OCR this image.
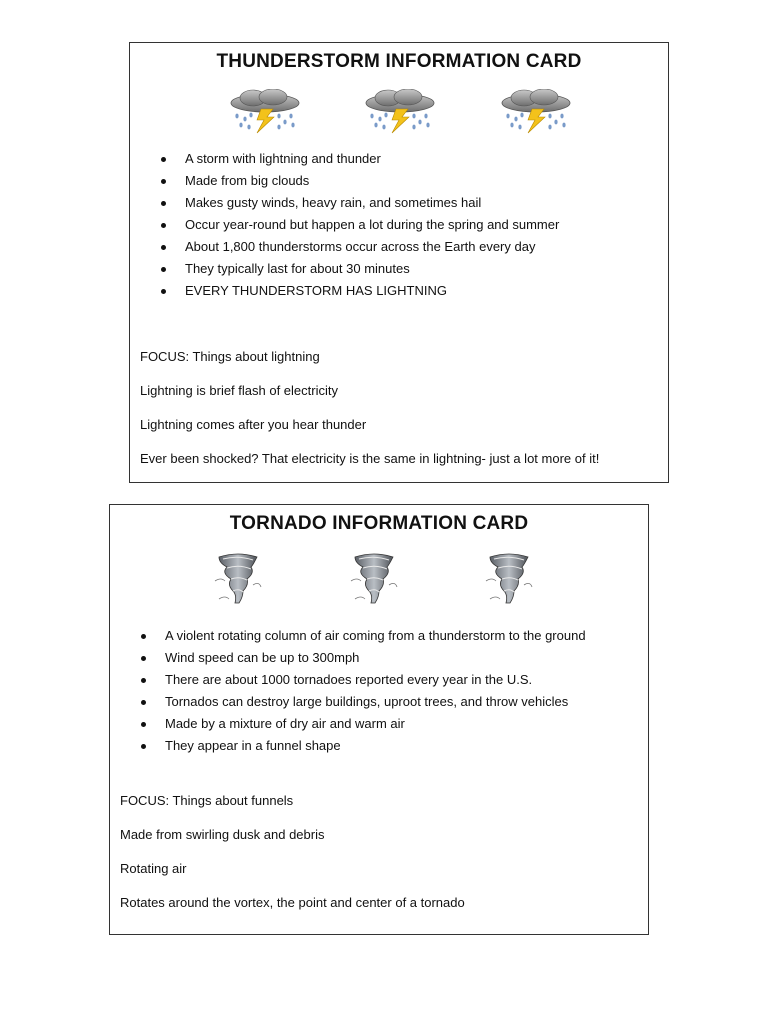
THUNDERSTORM INFORMATION CARD
A storm with lightning and thunder
Made from big clouds
Makes gusty winds, heavy rain, and sometimes hail
Occur year-round but happen a lot during the spring and summer
About 1,800 thunderstorms occur across the Earth every day
They typically last for about 30 minutes
EVERY THUNDERSTORM HAS LIGHTNING

FOCUS: Things about lightning

Lightning is brief flash of electricity

Lightning comes after you hear thunder

Ever been shocked? That electricity is the same in lightning- just a lot more of it!

TORNADO INFORMATION CARD
A violent rotating column of air coming from a thunderstorm to the ground
Wind speed can be up to 300mph
There are about 1000 tornadoes reported every year in the U.S.
Tornados can destroy large buildings, uproot trees, and throw vehicles
Made by a mixture of dry air and warm air
They appear in a funnel shape

FOCUS: Things about funnels

Made from swirling dusk and debris

Rotating air

Rotates around the vortex, the point and center of a tornado
